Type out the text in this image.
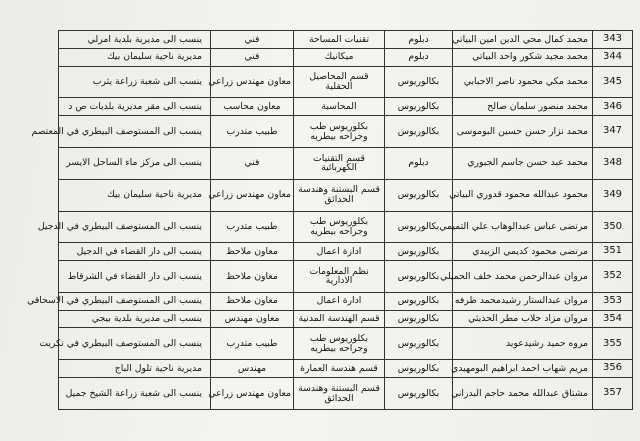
343	محمد كمال محي الدين امين البياتي	دبلوم	تقنيات المساحة	فني	ينسب الى مديرية بلدية امرلي
344	محمد مجيد شكور واحد البياتي	دبلوم	ميكانيك	فني	مديرية ناحية سليمان بيك
345	محمد مكي محمود ناصر الاحبابي	بكالوريوس	قسم المحاصيل الحقلية	معاون مهندس زراعي	ينسب الى شعبة زراعة يثرب
346	محمد منصور سلمان صالح	بكالوريوس	المحاسبة	معاون محاسب	ينسب الى مقر مديرية بلديات ص د
347	محمد نزار حسن حسين البوموسى	بكالوريوس	بكلوريوس طب وجراحه بيطريه	طبيب متدرب	ينسب الى المستوصف البيطري في المعتصم
348	محمد عبد حسن جاسم الجبوري	دبلوم	قسم التقنيات الكهربائية	فني	ينسب الى مركز ماء الساحل الايسر
349	محمود عبدالله محمود قدوري البياتي	بكالوريوس	قسم البستنة وهندسة الحدائق	معاون مهندس زراعي	مديرية ناحية سليمان بيك
350	مرتضى عباس عبدالوهاب علي التميمي	بكالوريوس	بكلوريوس طب وجراحه بيطريه	طبيب متدرب	ينسب الى المستوصف البيطري في الدجيل
351	مرتضى محمود كديمي الزبيدي	بكالوريوس	ادارة اعمال	معاون ملاحظ	ينسب الى دار القضاء في الدجيل
352	مروان عبدالرحمن محمد خلف الحميلي	بكالوريوس	نظم المعلومات الادارية	معاون ملاحظ	ينسب الى دار القضاء في الشرقاط
353	مروان عبدالستار رشيدمحمد طرفه	بكالوريوس	ادارة اعمال	معاون ملاحظ	ينسب الى المستوصف البيطري في الاسحاقي
354	مروان مزاد حلاب مطر الحديثي	بكالوريوس	قسم الهندسة المدنية	معاون مهندس	ينسب الى مديرية بلدية بيجي
355	مروه حميد رشيدعويد	بكالوريوس	بكلوريوس طب وجراحه بيطريه	طبيب متدرب	ينسب الى المستوصف البيطري في تكريت
356	مريم شهاب احمد ابراهيم البومهيدي	بكالوريوس	قسم هندسة العمارة	مهندس	مديرية ناحية تلول الباج
357	مشتاق عبدالله محمد حاجم البدراني	بكالوريوس	قسم البستنة وهندسة الحدائق	معاون مهندس زراعي	ينسب الى شعبة زراعة الشيخ جميل
